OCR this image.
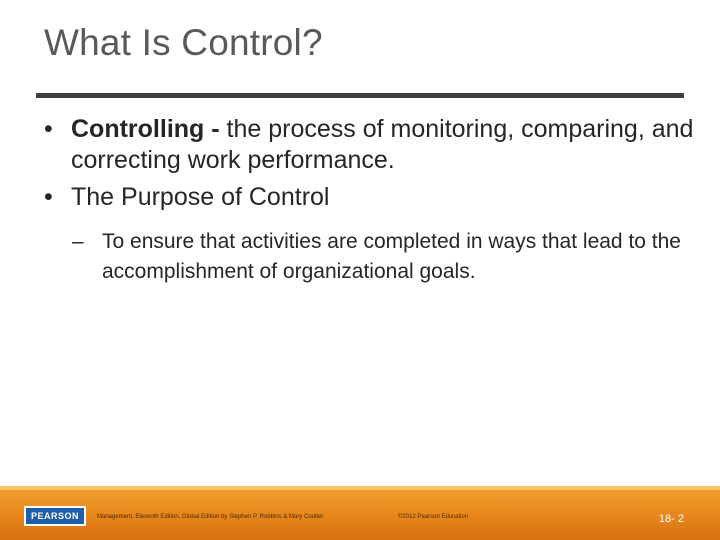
What Is Control?
• Controlling - the process of monitoring, comparing, and correcting work performance.
• The Purpose of Control
– To ensure that activities are completed in ways that lead to the accomplishment of organizational goals.
PEARSON	Management, Eleventh Edition, Global Edition by Stephen P. Robbins & Mary Coulter	©2012 Pearson Education	18- 2
